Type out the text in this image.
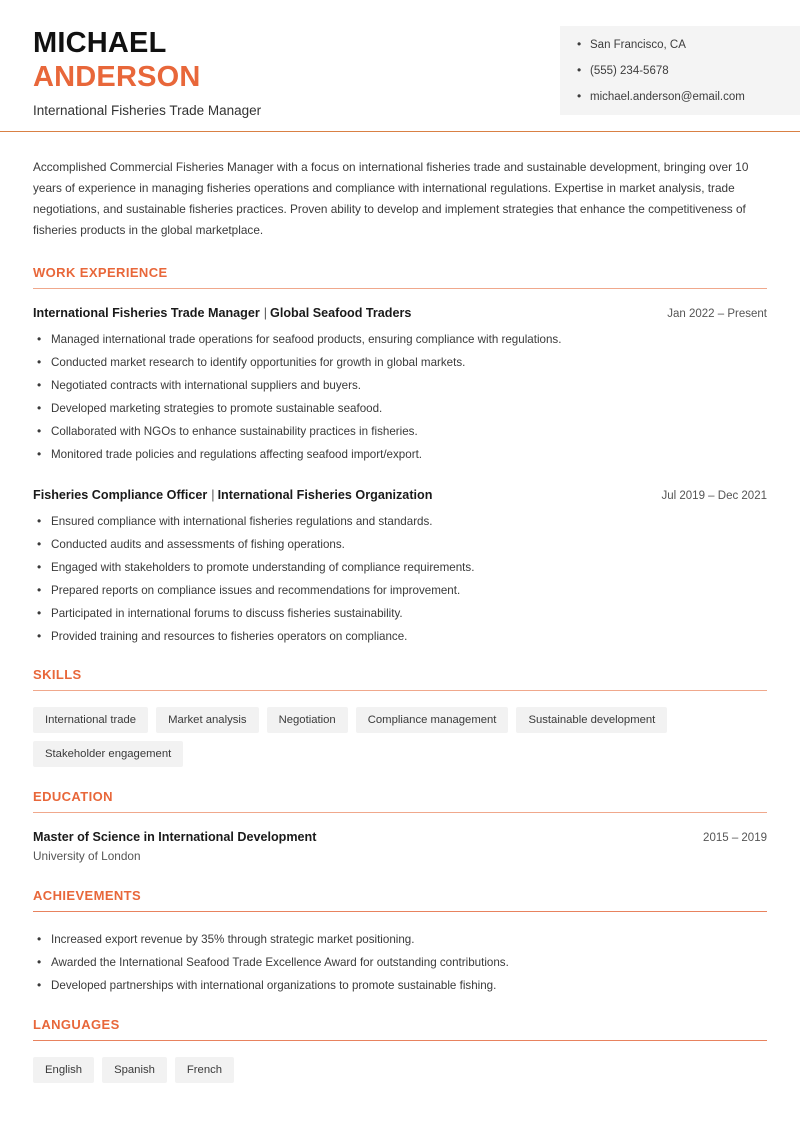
MICHAEL
ANDERSON
International Fisheries Trade Manager
• San Francisco, CA
• (555) 234-5678
• michael.anderson@email.com

Accomplished Commercial Fisheries Manager with a focus on international fisheries trade and sustainable development, bringing over 10 years of experience in managing fisheries operations and compliance with international regulations. Expertise in market analysis, trade negotiations, and sustainable fisheries practices. Proven ability to develop and implement strategies that enhance the competitiveness of fisheries products in the global marketplace.

WORK EXPERIENCE
International Fisheries Trade Manager | Global Seafood Traders	Jan 2022 – Present
• Managed international trade operations for seafood products, ensuring compliance with regulations.
• Conducted market research to identify opportunities for growth in global markets.
• Negotiated contracts with international suppliers and buyers.
• Developed marketing strategies to promote sustainable seafood.
• Collaborated with NGOs to enhance sustainability practices in fisheries.
• Monitored trade policies and regulations affecting seafood import/export.
Fisheries Compliance Officer | International Fisheries Organization	Jul 2019 – Dec 2021
• Ensured compliance with international fisheries regulations and standards.
• Conducted audits and assessments of fishing operations.
• Engaged with stakeholders to promote understanding of compliance requirements.
• Prepared reports on compliance issues and recommendations for improvement.
• Participated in international forums to discuss fisheries sustainability.
• Provided training and resources to fisheries operators on compliance.
SKILLS
International trade	Market analysis	Negotiation	Compliance management	Sustainable development
Stakeholder engagement
EDUCATION
Master of Science in International Development	2015 – 2019
University of London
ACHIEVEMENTS
• Increased export revenue by 35% through strategic market positioning.
• Awarded the International Seafood Trade Excellence Award for outstanding contributions.
• Developed partnerships with international organizations to promote sustainable fishing.
LANGUAGES
English	Spanish	French
